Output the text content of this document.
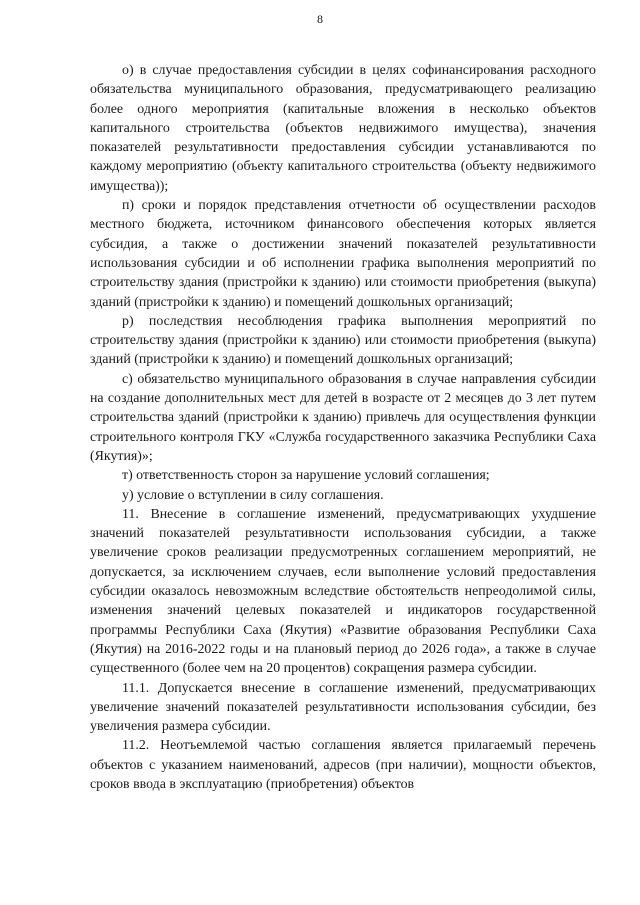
8

о) в случае предоставления субсидии в целях софинансирования расходного обязательства муниципального образования, предусматривающего реализацию более одного мероприятия (капитальные вложения в несколько объектов капитального строительства (объектов недвижимого имущества), значения показателей результативности предоставления субсидии устанавливаются по каждому мероприятию (объекту капитального строительства (объекту недвижимого имущества));

п) сроки и порядок представления отчетности об осуществлении расходов местного бюджета, источником финансового обеспечения которых является субсидия, а также о достижении значений показателей результативности использования субсидии и об исполнении графика выполнения мероприятий по строительству здания (пристройки к зданию) или стоимости приобретения (выкупа) зданий (пристройки к зданию) и помещений дошкольных организаций;

р) последствия несоблюдения графика выполнения мероприятий по строительству здания (пристройки к зданию) или стоимости приобретения (выкупа) зданий (пристройки к зданию) и помещений дошкольных организаций;

с) обязательство муниципального образования в случае направления субсидии на создание дополнительных мест для детей в возрасте от 2 месяцев до 3 лет путем строительства зданий (пристройки к зданию) привлечь для осуществления функции строительного контроля ГКУ «Служба государственного заказчика Республики Саха (Якутия)»;

т) ответственность сторон за нарушение условий соглашения;

у) условие о вступлении в силу соглашения.

11. Внесение в соглашение изменений, предусматривающих ухудшение значений показателей результативности использования субсидии, а также увеличение сроков реализации предусмотренных соглашением мероприятий, не допускается, за исключением случаев, если выполнение условий предоставления субсидии оказалось невозможным вследствие обстоятельств непреодолимой силы, изменения значений целевых показателей и индикаторов государственной программы Республики Саха (Якутия) «Развитие образования Республики Саха (Якутия) на 2016-2022 годы и на плановый период до 2026 года», а также в случае существенного (более чем на 20 процентов) сокращения размера субсидии.

11.1. Допускается внесение в соглашение изменений, предусматривающих увеличение значений показателей результативности использования субсидии, без увеличения размера субсидии.

11.2. Неотъемлемой частью соглашения является прилагаемый перечень объектов с указанием наименований, адресов (при наличии), мощности объектов, сроков ввода в эксплуатацию (приобретения) объектов
